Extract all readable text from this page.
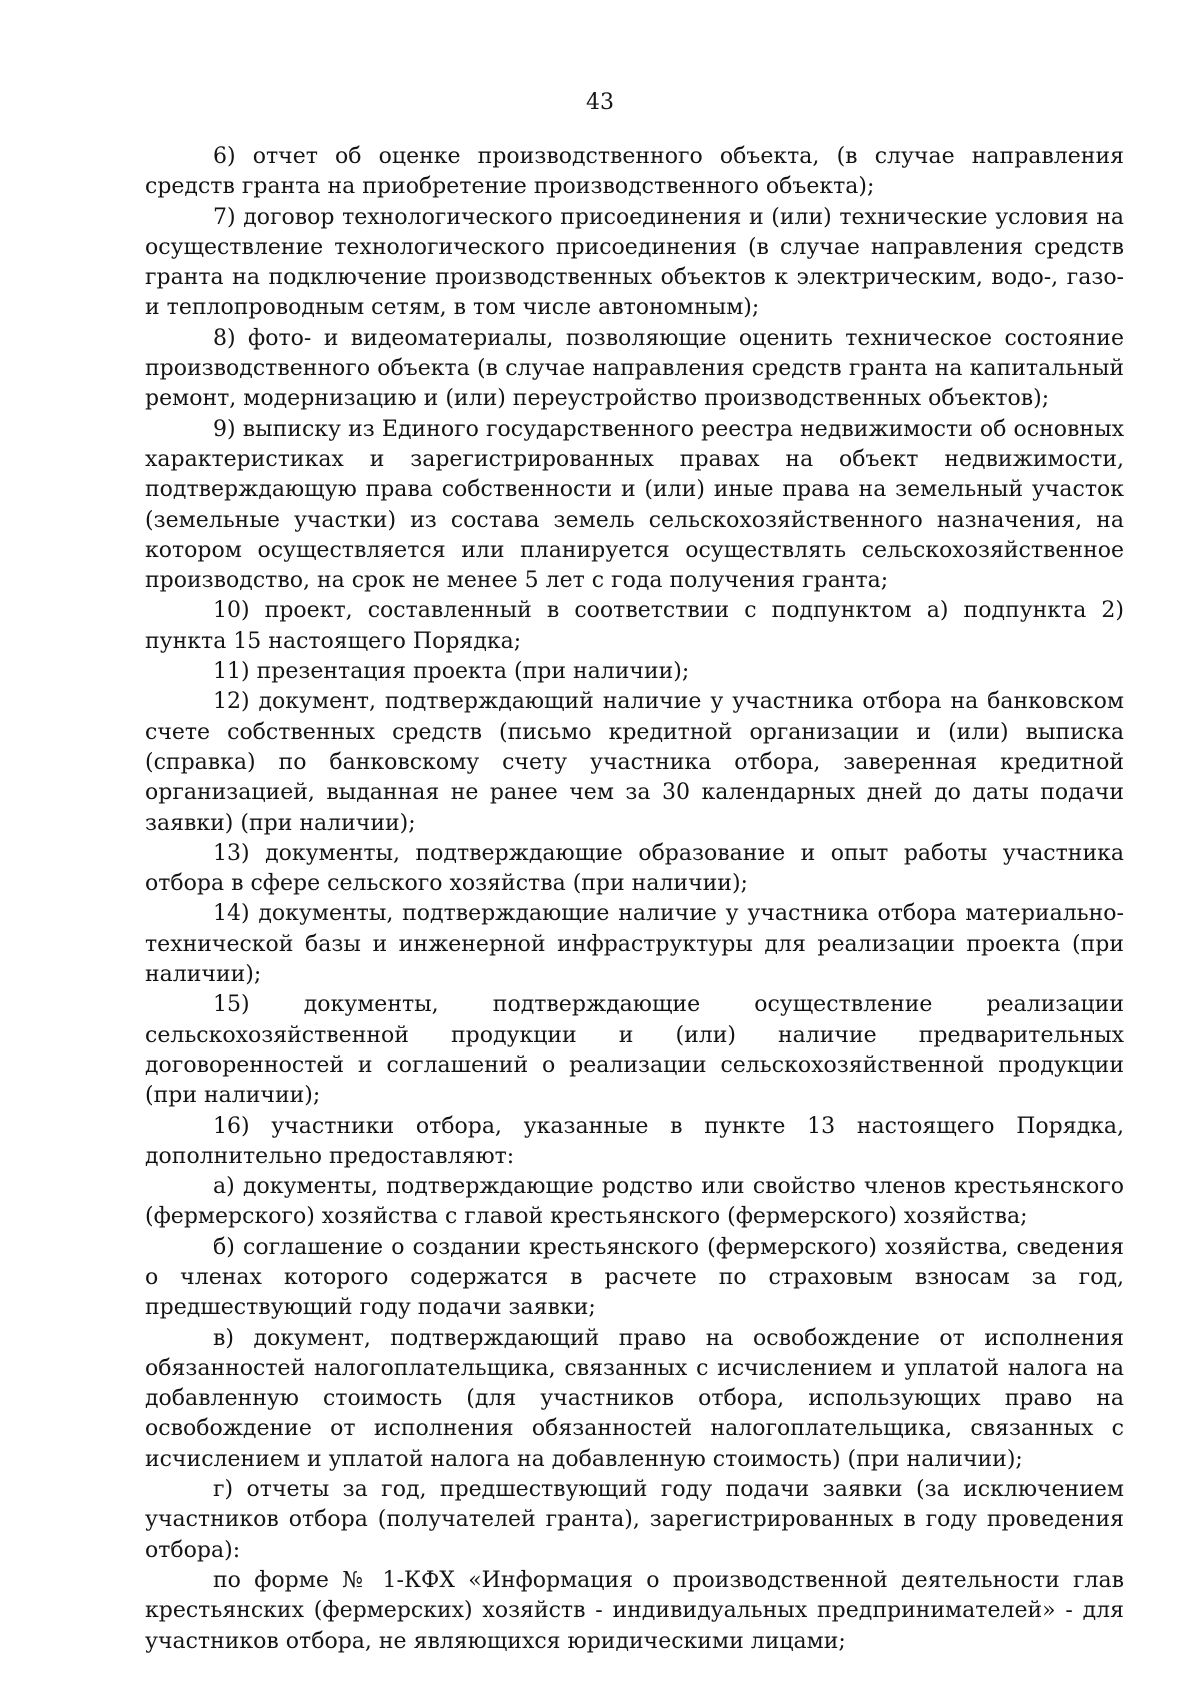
43

6) отчет об оценке производственного объекта, (в случае направления средств гранта на приобретение производственного объекта);

7) договор технологического присоединения и (или) технические условия на осуществление технологического присоединения (в случае направления средств гранта на подключение производственных объектов к электрическим, водо-, газо- и теплопроводным сетям, в том числе автономным);

8) фото- и видеоматериалы, позволяющие оценить техническое состояние производственного объекта (в случае направления средств гранта на капитальный ремонт, модернизацию и (или) переустройство производственных объектов);

9) выписку из Единого государственного реестра недвижимости об основных характеристиках и зарегистрированных правах на объект недвижимости, подтверждающую права собственности и (или) иные права на земельный участок (земельные участки) из состава земель сельскохозяйственного назначения, на котором осуществляется или планируется осуществлять сельскохозяйственное производство, на срок не менее 5 лет с года получения гранта;

10) проект, составленный в соответствии с подпунктом а) подпункта 2) пункта 15 настоящего Порядка;

11) презентация проекта (при наличии);

12) документ, подтверждающий наличие у участника отбора на банковском счете собственных средств (письмо кредитной организации и (или) выписка (справка) по банковскому счету участника отбора, заверенная кредитной организацией, выданная не ранее чем за 30 календарных дней до даты подачи заявки) (при наличии);

13) документы, подтверждающие образование и опыт работы участника отбора в сфере сельского хозяйства (при наличии);

14) документы, подтверждающие наличие у участника отбора материально-технической базы и инженерной инфраструктуры для реализации проекта (при наличии);

15) документы, подтверждающие осуществление реализации сельскохозяйственной продукции и (или) наличие предварительных договоренностей и соглашений о реализации сельскохозяйственной продукции (при наличии);

16) участники отбора, указанные в пункте 13 настоящего Порядка, дополнительно предоставляют:

а) документы, подтверждающие родство или свойство членов крестьянского (фермерского) хозяйства с главой крестьянского (фермерского) хозяйства;

б) соглашение о создании крестьянского (фермерского) хозяйства, сведения о членах которого содержатся в расчете по страховым взносам за год, предшествующий году подачи заявки;

в) документ, подтверждающий право на освобождение от исполнения обязанностей налогоплательщика, связанных с исчислением и уплатой налога на добавленную стоимость (для участников отбора, использующих право на освобождение от исполнения обязанностей налогоплательщика, связанных с исчислением и уплатой налога на добавленную стоимость) (при наличии);

г) отчеты за год, предшествующий году подачи заявки (за исключением участников отбора (получателей гранта), зарегистрированных в году проведения отбора):

по форме № 1-КФХ «Информация о производственной деятельности глав крестьянских (фермерских) хозяйств - индивидуальных предпринимателей» - для участников отбора, не являющихся юридическими лицами;
